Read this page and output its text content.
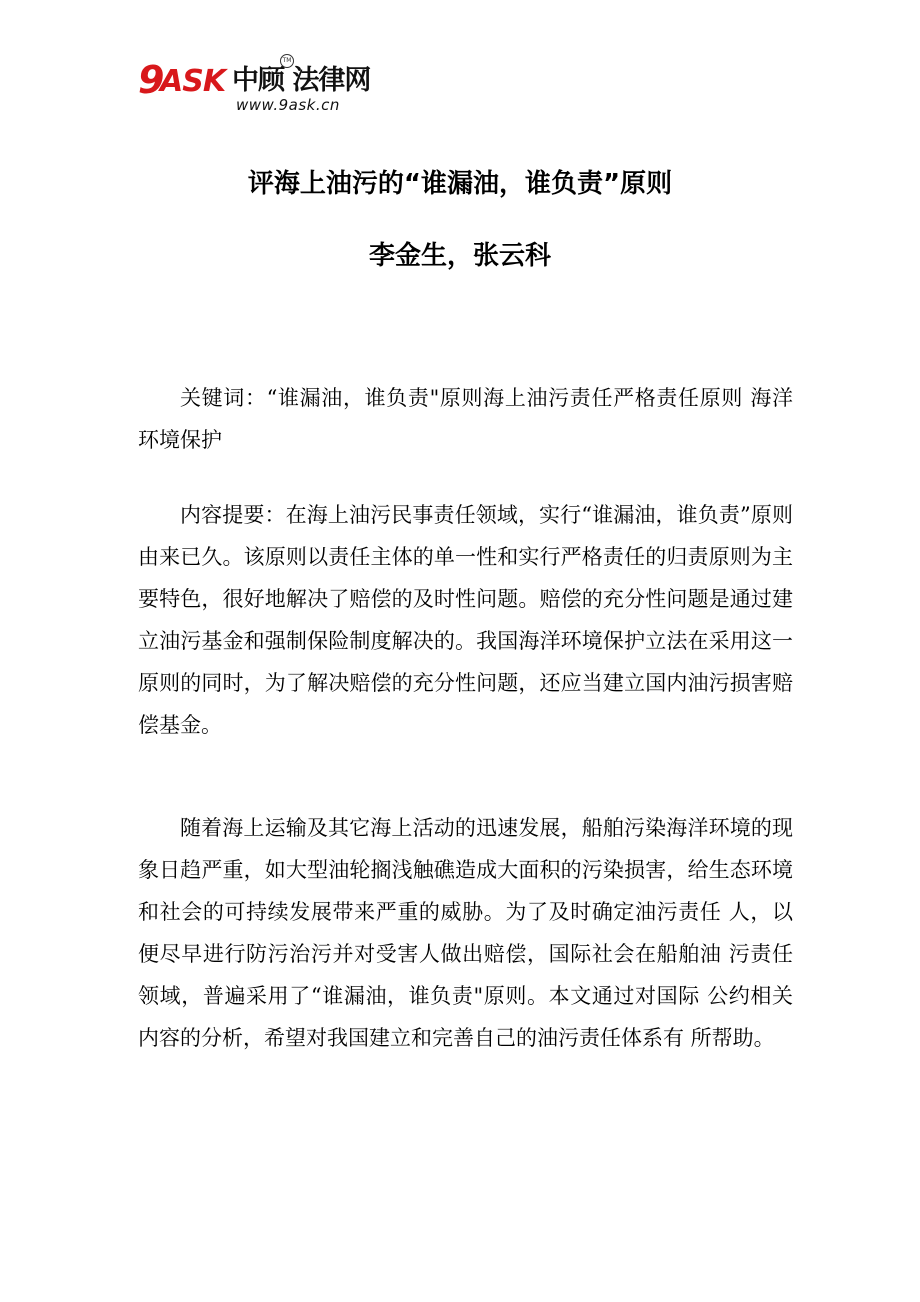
9
ASK 中顾 法律网
TM
www.9ask.cn
评海上油污的“谁漏油，谁负责”原则
李金生，张云科

关键词：“谁漏油，谁负责"原则海上油污责任严格责任原则 海洋环境保护

内容提要：在海上油污民事责任领域，实行“谁漏油，谁负责”原则由来已久。该原则以责任主体的单一性和实行严格责任的归责原则为主要特色，很好地解决了赔偿的及时性问题。赔偿的充分性问题是通过建立油污基金和强制保险制度解决的。我国海洋环境保护立法在采用这一原则的同时，为了解决赔偿的充分性问题，还应当建立国内油污损害赔偿基金。

随着海上运输及其它海上活动的迅速发展，船舶污染海洋环境的现象日趋严重，如大型油轮搁浅触礁造成大面积的污染损害，给生态环境和社会的可持续发展带来严重的威胁。为了及时确定油污责任 人，以便尽早进行防污治污并对受害人做出赔偿，国际社会在船舶油 污责任领域，普遍采用了“谁漏油，谁负责"原则。本文通过对国际 公约相关内容的分析，希望对我国建立和完善自己的油污责任体系有 所帮助。
